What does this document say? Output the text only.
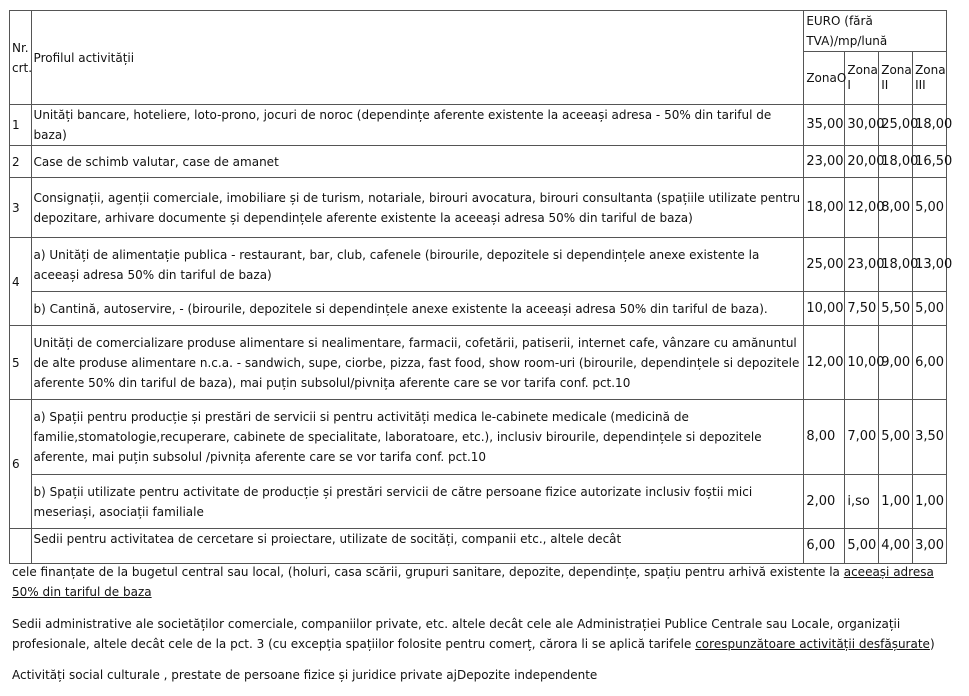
Nr.
crt.	Profilul activității	EURO (fără TVA)/mp/lună			
		ZonaO	Zona I	Zona II	Zona III
1	Unități bancare, hoteliere, loto-prono, jocuri de noroc (dependințe aferente existente la aceeași adresa - 50% din tariful de baza)	35,00	30,00	25,00	18,00
2	Case de schimb valutar, case de amanet	23,00	20,00	18,00	16,50
3	Consignații, agenții comerciale, imobiliare și de turism, notariale, birouri avocatura, birouri consultanta (spațiile utilizate pentru depozitare, arhivare documente și dependințele aferente existente la aceeași adresa 50% din tariful de baza)	18,00	12,00	8,00	5,00
4	a) Unități de alimentație publica - restaurant, bar, club, cafenele (birourile, depozitele si dependințele anexe existente la aceeași adresa 50% din tariful de baza)	25,00	23,00	18,00	13,00
	b) Cantină, autoservire, - (birourile, depozitele si dependințele anexe existente la aceeași adresa 50% din tariful de baza).	10,00	7,50	5,50	5,00
5	Unități de comercializare produse alimentare si nealimentare, farmacii, cofetării, patiserii, internet cafe, vânzare cu amănuntul de alte produse alimentare n.c.a. - sandwich, supe, ciorbe, pizza, fast food, show room-uri (birourile, dependințele si depozitele aferente 50% din tariful de baza), mai puțin subsolul/pivnița aferente care se vor tarifa conf. pct.10	12,00	10,00	9,00	6,00
6	a) Spații pentru producție și prestări de servicii si pentru activități medica le-cabinete medicale (medicină de familie,stomatologie,recuperare, cabinete de specialitate, laboratoare, etc.), inclusiv birourile, dependințele si depozitele aferente, mai puțin subsolul /pivnița aferente care se vor tarifa conf. pct.10	8,00	7,00	5,00	3,50
	b) Spații utilizate pentru activitate de producție și prestări servicii de către persoane fizice autorizate inclusiv foștii mici meseriași, asociații familiale	2,00	i,so	1,00	1,00
	Sedii pentru activitatea de cercetare si proiectare, utilizate de socități, companii etc., altele decât	6,00	5,00	4,00	3,00
cele finanțate de la bugetul central sau local, (holuri, casa scării, grupuri sanitare, depozite, dependințe, spațiu pentru arhivă existente la aceeași adresa 50% din tariful de baza
Sedii administrative ale societăților comerciale, companiilor private, etc. altele decât cele ale Administrației Publice Centrale sau Locale, organizații profesionale, altele decât cele de la pct. 3 (cu excepția spațiilor folosite pentru comerț, cărora li se aplică tarifele corespunzătoare activității desfășurate)
Activități social culturale , prestate de persoane fizice și juridice private ajDepozite independente
